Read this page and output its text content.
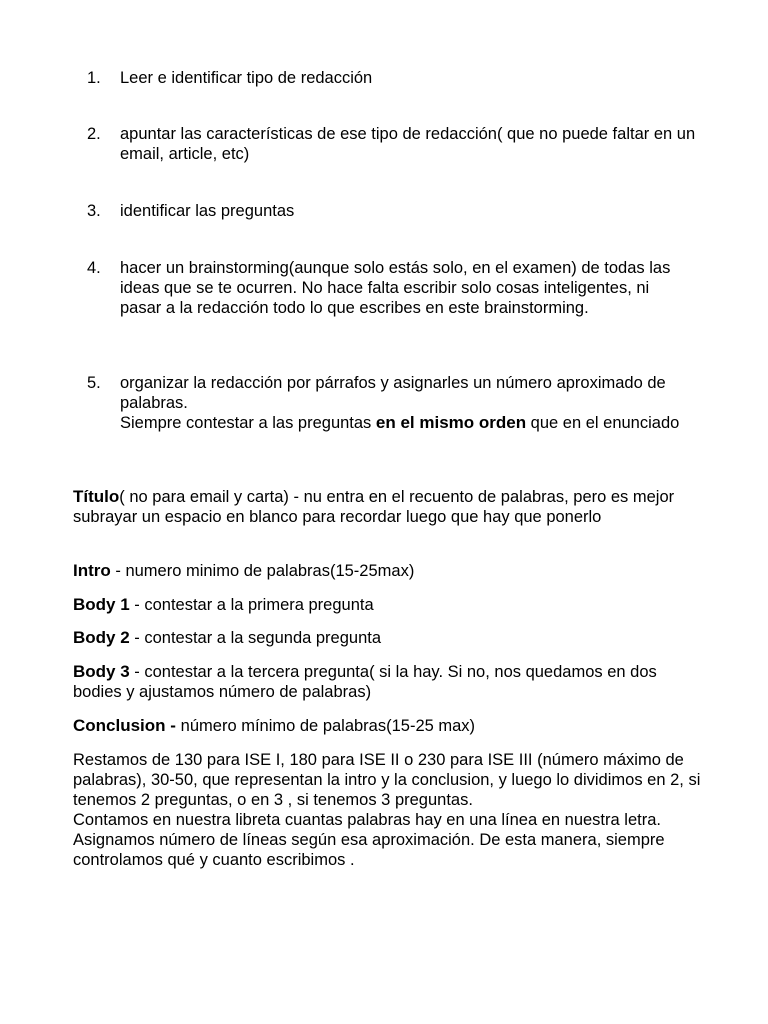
1. Leer e identificar tipo de redacción
2. apuntar las características de ese tipo de redacción( que no puede faltar en un email, article, etc)
3. identificar las preguntas
4. hacer un brainstorming(aunque solo estás solo, en el examen) de todas las ideas que se te ocurren. No hace falta escribir solo cosas inteligentes, ni pasar a la redacción todo lo que escribes en este brainstorming.
5. organizar la redacción por párrafos y asignarles un número aproximado de palabras.
Siempre contestar a las preguntas en el mismo orden que en el enunciado

Título( no para email y carta) - nu entra en el recuento de palabras, pero es mejor subrayar un espacio en blanco para recordar luego que hay que ponerlo

Intro - numero minimo de palabras(15-25max)

Body 1 - contestar a la primera pregunta

Body 2 - contestar a la segunda pregunta

Body 3 - contestar a la tercera pregunta( si la hay. Si no, nos quedamos en dos bodies y ajustamos número de palabras)

Conclusion - número mínimo de palabras(15-25 max)

Restamos de 130 para ISE I, 180 para ISE II o 230 para ISE III (número máximo de palabras), 30-50, que representan la intro y la conclusion, y luego lo dividimos en 2, si tenemos 2 preguntas, o en 3 , si tenemos 3 preguntas.
Contamos en nuestra libreta cuantas palabras hay en una línea en nuestra letra. Asignamos número de líneas según esa aproximación. De esta manera, siempre controlamos qué y cuanto escribimos .
